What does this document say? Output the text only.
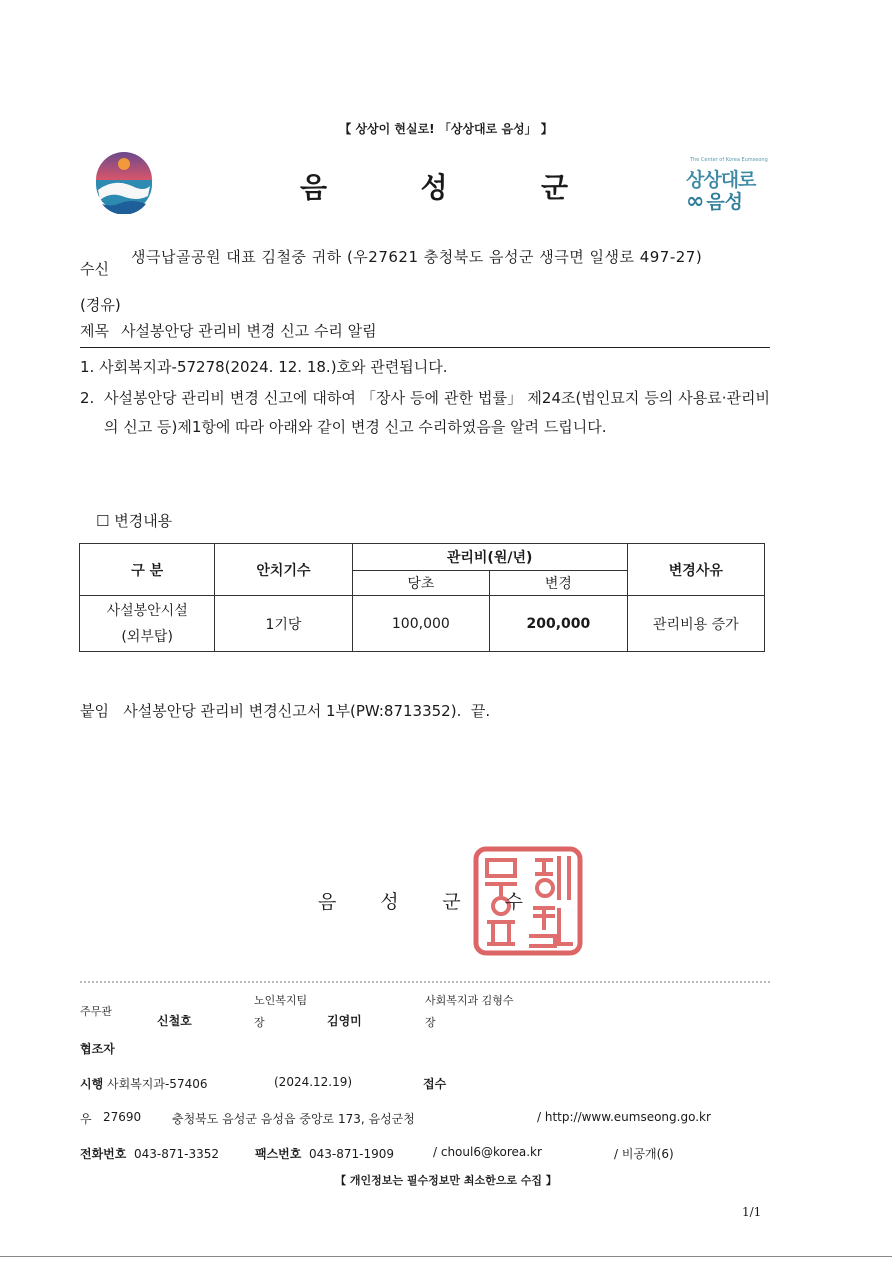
【 상상이 현실로! 「상상대로 음성」 】
음	성	군
The Center of Korea Eumseong
상상대로
∞ 음성
수신
생극납골공원 대표 김철중 귀하 (우27621 충청북도 음성군 생극면 일생로 497-27)
(경유)
제목 사설봉안당 관리비 변경 신고 수리 알림
1. 사회복지과-57278(2024. 12. 18.)호와 관련됩니다.
2. 사설봉안당 관리비 변경 신고에 대하여 「장사 등에 관한 법률」 제24조(법인묘지 등의 사용료·관리비의 신고 등)제1항에 따라 아래와 같이 변경 신고 수리하였음을 알려 드립니다.
☐ 변경내용
구 분	안치기수	관리비(원/년)		변경사유
		당초	변경	

사설봉안시설
(외부탑)	1기당	100,000	200,000	관리비용 증가
붙임 사설봉안당 관리비 변경신고서 1부(PW:8713352). 끝.
음 성 군 수
주무관
신철호
노인복지팀
장	김영미
사회복지과 김형수
장
협조자
시행 사회복지과-57406	(2024.12.19)	접수
우 27690	충청북도 음성군 음성읍 중앙로 173, 음성군청	/ http://www.eumseong.go.kr
전화번호 043-871-3352	팩스번호 043-871-1909	/ choul6@korea.kr	/ 비공개(6)
【 개인정보는 필수정보만 최소한으로 수집 】
1/1
